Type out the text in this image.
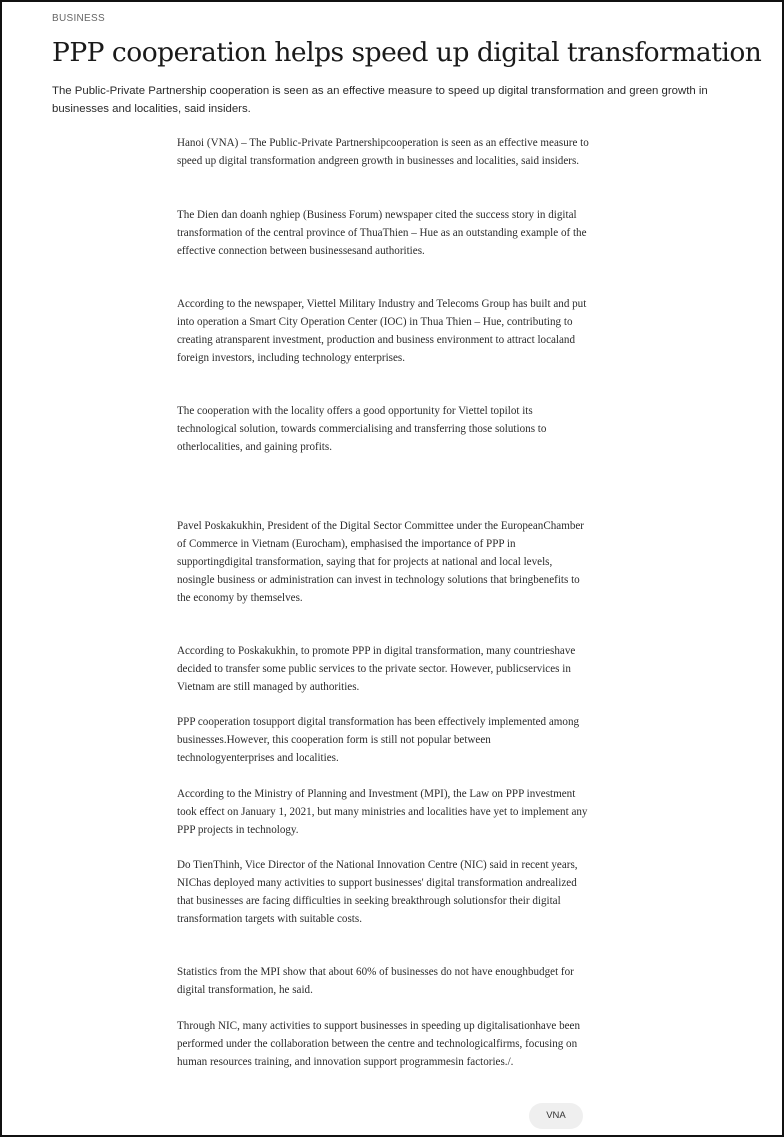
BUSINESS
PPP cooperation helps speed up digital transformation

The Public-Private Partnership cooperation is seen as an effective measure to speed up digital transformation and green growth in businesses and localities, said insiders.

Hanoi (VNA) – The Public-Private Partnershipcooperation is seen as an effective measure to speed up digital transformation andgreen growth in businesses and localities, said insiders.

The Dien dan doanh nghiep (Business Forum) newspaper cited the success story in digital transformation of the central province of ThuaThien – Hue as an outstanding example of the effective connection between businessesand authorities.

According to the newspaper, Viettel Military Industry and Telecoms Group has built and put into operation a Smart City Operation Center (IOC) in Thua Thien – Hue, contributing to creating atransparent investment, production and business environment to attract localand foreign investors, including technology enterprises.

The cooperation with the locality offers a good opportunity for Viettel topilot its technological solution, towards commercialising and transferring those solutions to otherlocalities, and gaining profits.

Pavel Poskakukhin, President of the Digital Sector Committee under the EuropeanChamber of Commerce in Vietnam (Eurocham), emphasised the importance of PPP in supportingdigital transformation, saying that for projects at national and local levels, nosingle business or administration can invest in technology solutions that bringbenefits to the economy by themselves.

According to Poskakukhin, to promote PPP in digital transformation, many countrieshave decided to transfer some public services to the private sector. However, publicservices in Vietnam are still managed by authorities.

PPP cooperation tosupport digital transformation has been effectively implemented among businesses.However, this cooperation form is still not popular between technologyenterprises and localities.

According to the Ministry of Planning and Investment (MPI), the Law on PPP investment took effect on January 1, 2021, but many ministries and localities have yet to implement any PPP projects in technology.

Do TienThinh, Vice Director of the National Innovation Centre (NIC) said in recent years, NIChas deployed many activities to support businesses' digital transformation andrealized that businesses are facing difficulties in seeking breakthrough solutionsfor their digital transformation targets with suitable costs.

Statistics from the MPI show that about 60% of businesses do not have enoughbudget for digital transformation, he said.

Through NIC, many activities to support businesses in speeding up digitalisationhave been performed under the collaboration between the centre and technologicalfirms, focusing on human resources training, and innovation support programmesin factories./.

VNA
